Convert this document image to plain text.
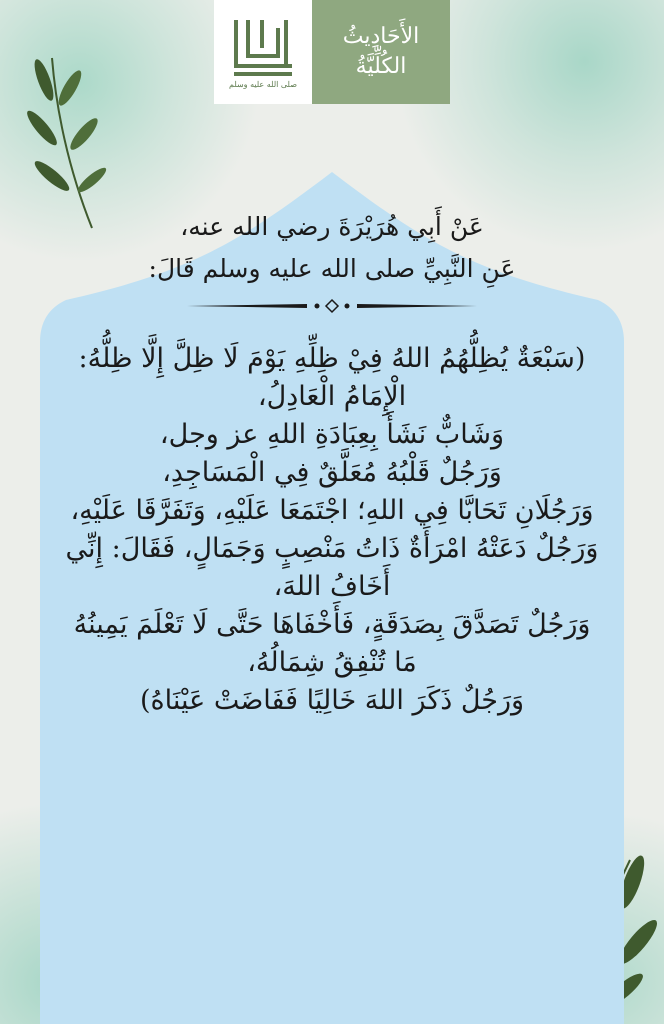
صلى الله عليه وسلم
الأَحَادِيثُ
الكُلِّيَّةُ
عَنْ أَبِي هُرَيْرَةَ رضي الله عنه،
عَنِ النَّبِيِّ صلى الله عليه وسلم قَالَ:
(سَبْعَةٌ يُظِلُّهُمُ اللهُ فِيْ ظِلِّهِ يَوْمَ لَا ظِلَّ إِلَّا ظِلُّهُ:
الْإِمَامُ الْعَادِلُ،
وَشَابٌّ نَشَأَ بِعِبَادَةِ اللهِ عز وجل،
وَرَجُلٌ قَلْبُهُ مُعَلَّقٌ فِي الْمَسَاجِدِ،
وَرَجُلَانِ تَحَابَّا فِي اللهِ؛ اجْتَمَعَا عَلَيْهِ، وَتَفَرَّقَا عَلَيْهِ،
وَرَجُلٌ دَعَتْهُ امْرَأَةٌ ذَاتُ مَنْصِبٍ وَجَمَالٍ، فَقَالَ: إِنِّي أَخَافُ اللهَ،
وَرَجُلٌ تَصَدَّقَ بِصَدَقَةٍ، فَأَخْفَاهَا حَتَّى لَا تَعْلَمَ يَمِينُهُ مَا تُنْفِقُ شِمَالُهُ،
وَرَجُلٌ ذَكَرَ اللهَ خَالِيًا فَفَاضَتْ عَيْنَاهُ)
